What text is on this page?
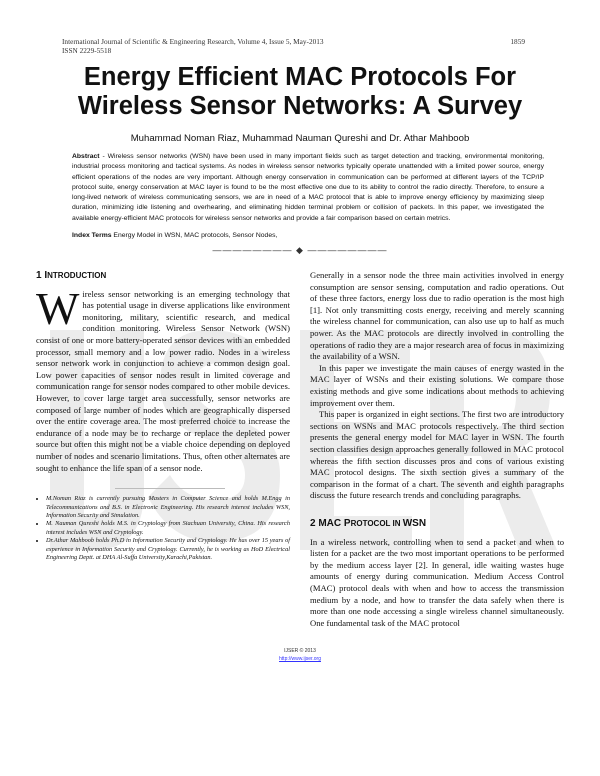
International Journal of Scientific & Engineering Research, Volume 4, Issue 5, May-2013
ISSN 2229-5518
1859
Energy Efficient MAC Protocols For Wireless Sensor Networks: A Survey
Muhammad Noman Riaz, Muhammad Nauman Qureshi and Dr. Athar Mahboob
Abstract - Wireless sensor networks (WSN) have been used in many important fields such as target detection and tracking, environmental monitoring, industrial process monitoring and tactical systems. As nodes in wireless sensor networks typically operate unattended with a limited power source, energy efficient operations of the nodes are very important. Although energy conservation in communication can be performed at different layers of the TCP/IP protocol suite, energy conservation at MAC layer is found to be the most effective one due to its ability to control the radio directly. Therefore, to ensure a long-lived network of wireless communicating sensors, we are in need of a MAC protocol that is able to improve energy efficiency by maximizing sleep duration, minimizing idle listening and overhearing, and eliminating hidden terminal problem or collision of packets. In this paper, we investigated the available energy-efficient MAC protocols for wireless sensor networks and provide a fair comparison based on certain metrics.
Index Terms Energy Model in WSN, MAC protocols, Sensor Nodes,
———————— ◆ ————————
1 INTRODUCTION

Wireless sensor networking is an emerging technology that has potential usage in diverse applications like environment monitoring, military, scientific research, and medical condition monitoring. Wireless Sensor Network (WSN) consist of one or more battery-operated sensor devices with an embedded processor, small memory and a low power radio. Nodes in a wireless sensor network work in conjunction to achieve a common design goal. Low power capacities of sensor nodes result in limited coverage and communication range for sensor nodes compared to other mobile devices. However, to cover large target area successfully, sensor networks are composed of large number of nodes which are geographically dispersed over the entire coverage area. The most preferred choice to increase the endurance of a node may be to recharge or replace the depleted power source but often this might not be a viable choice depending on deployed number of nodes and scenario limitations. Thus, often other alternates are sought to enhance the life span of a sensor node.

• M.Noman Riaz is currently pursuing Masters in Computer Science and holds M.Engg in Telecommunications and B.S. in Electronic Engineering. His research interest includes WSN, Information Security and Simulation.
• M. Nauman Qureshi holds M.S. in Cryptology from Siachuan University, China. His research interest includes WSN and Cryptology.
• Dr.Athar Mahboob holds Ph.D in Information Security and Cryptology. He has over 15 years of experience in Information Security and Cryptology. Currently, he is working as HoD Electrical Engineering Deptt. at DHA Al-Suffa University,Karachi,Pakistan.

Generally in a sensor node the three main activities involved in energy consumption are sensor sensing, computation and radio operations. Out of these three factors, energy loss due to radio operation is the most high [1]. Not only transmitting costs energy, receiving and merely scanning the wireless channel for communication, can also use up to half as much power. As the MAC protocols are directly involved in controlling the operations of radio they are a major research area of focus in maximizing the availability of a WSN.

In this paper we investigate the main causes of energy wasted in the MAC layer of WSNs and their existing solutions. We compare those existing methods and give some indications about methods to achieving improvement over them.

This paper is organized in eight sections. The first two are introductory sections on WSNs and MAC protocols respectively. The third section presents the general energy model for MAC layer in WSN. The fourth section classifies design approaches generally followed in MAC protocol whereas the fifth section discusses pros and cons of various existing MAC protocol designs. The sixth section gives a summary of the comparison in the format of a chart. The seventh and eighth paragraphs discuss the future research trends and concluding paragraphs.

2 MAC PROTOCOL IN WSN

In a wireless network, controlling when to send a packet and when to listen for a packet are the two most important operations to be performed by the medium access layer [2]. In general, idle waiting wastes huge amounts of energy during communication. Medium Access Control (MAC) protocol deals with when and how to access the transmission medium by a node, and how to transfer the data safely when there is more than one node accessing a single wireless channel simultaneously. One fundamental task of the MAC protocol

IJSER © 2013
http://www.ijser.org
